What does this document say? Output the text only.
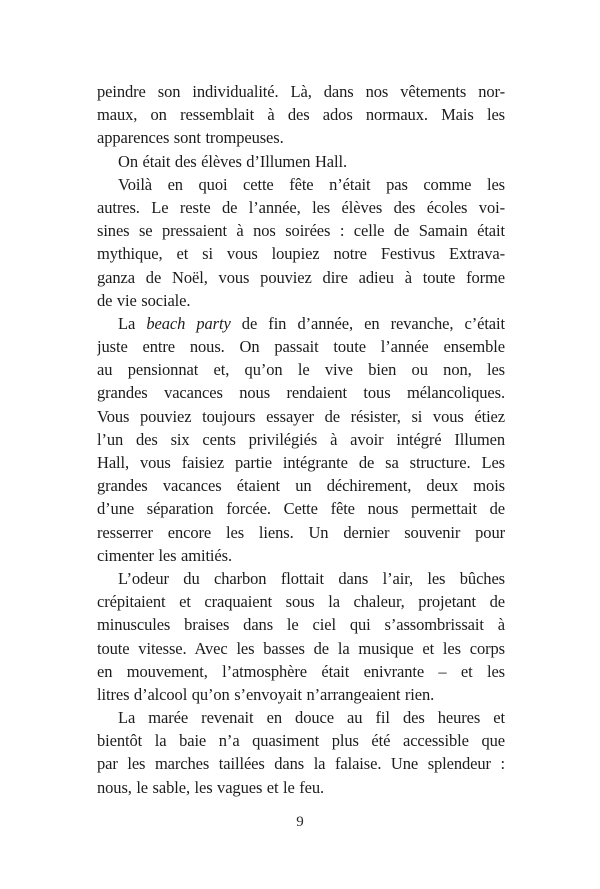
peindre son individualité. Là, dans nos vêtements nor-
maux, on ressemblait à des ados normaux. Mais les
apparences sont trompeuses.
On était des élèves d’Illumen Hall.
Voilà en quoi cette fête n’était pas comme les
autres. Le reste de l’année, les élèves des écoles voi-
sines se pressaient à nos soirées : celle de Samain était
mythique, et si vous loupiez notre Festivus Extrava-
ganza de Noël, vous pouviez dire adieu à toute forme
de vie sociale.
La beach party de fin d’année, en revanche, c’était
juste entre nous. On passait toute l’année ensemble
au pensionnat et, qu’on le vive bien ou non, les
grandes vacances nous rendaient tous mélancoliques.
Vous pouviez toujours essayer de résister, si vous étiez
l’un des six cents privilégiés à avoir intégré Illumen
Hall, vous faisiez partie intégrante de sa structure. Les
grandes vacances étaient un déchirement, deux mois
d’une séparation forcée. Cette fête nous permettait de
resserrer encore les liens. Un dernier souvenir pour
cimenter les amitiés.
L’odeur du charbon flottait dans l’air, les bûches
crépitaient et craquaient sous la chaleur, projetant de
minuscules braises dans le ciel qui s’assombrissait à
toute vitesse. Avec les basses de la musique et les corps
en mouvement, l’atmosphère était enivrante – et les
litres d’alcool qu’on s’envoyait n’arrangeaient rien.
La marée revenait en douce au fil des heures et
bientôt la baie n’a quasiment plus été accessible que
par les marches taillées dans la falaise. Une splendeur :
nous, le sable, les vagues et le feu.
9
